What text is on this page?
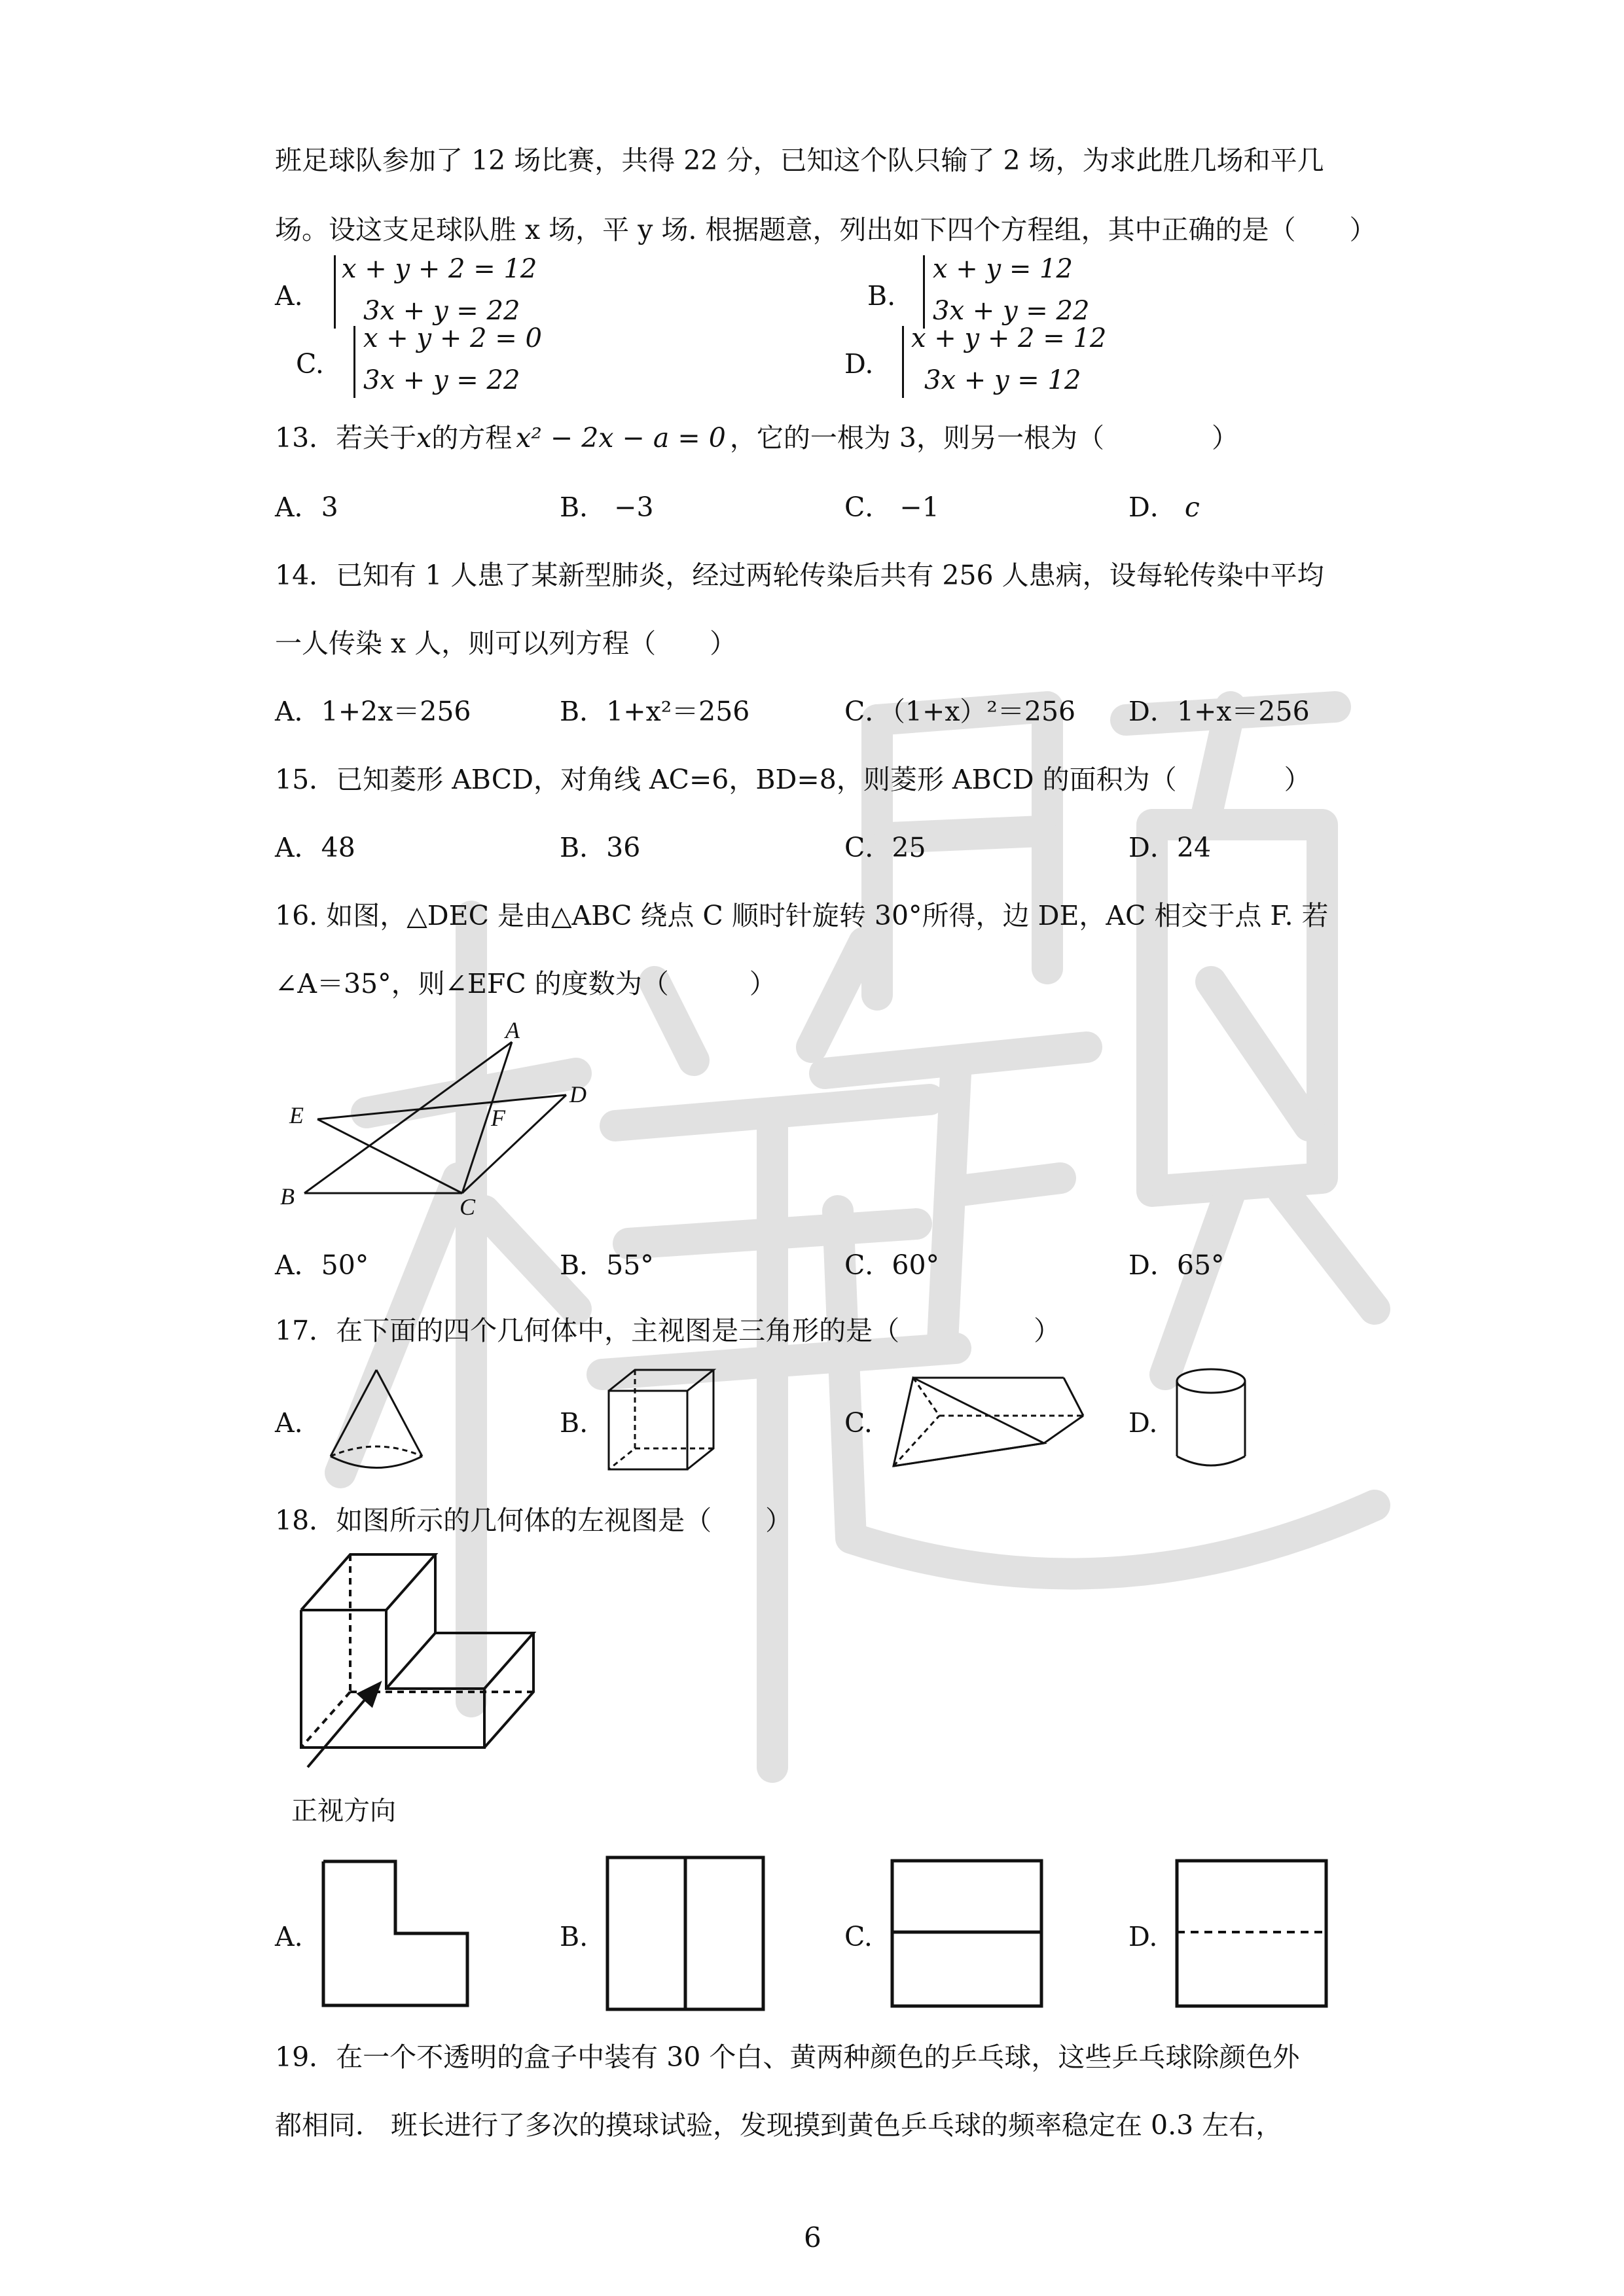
班足球队参加了 12 场比赛，共得 22 分，已知这个队只输了 2 场，为求此胜几场和平几
场。设这支足球队胜 x 场，平 y 场. 根据题意，列出如下四个方程组，其中正确的是（　　）
A.
x + y + 2 = 12
3x + y = 22	B.
x + y = 12
3x + y = 22
C.
x + y + 2 = 0
3x + y = 22
D.
x + y + 2 = 12
3x + y = 12
13．若关于x的方程 x² − 2x − a = 0 ，它的一根为 3，则另一根为（　　　　）
A．3	B． −3	C． −1	D． c
14．已知有 1 人患了某新型肺炎，经过两轮传染后共有 256 人患病，设每轮传染中平均
一人传染 x 人，则可以列方程（　　）
A．1+2x＝256	B．1+x²＝256	C．（1+x）²＝256 D．1+x＝256
15．已知菱形 ABCD，对角线 AC=6，BD=8，则菱形 ABCD 的面积为（　　　　）
A．48	B．36	C．25	D．24
16. 如图，△DEC 是由△ABC 绕点 C 顺时针旋转 30°所得，边 DE，AC 相交于点 F. 若
∠A＝35°，则∠EFC 的度数为（　　　）
A
B	C
D
E	F
A．50°	B．55°	C．60°	D．65°
17．在下面的四个几何体中，主视图是三角形的是（　　　　　）
A.	B.	C.	D.
18．如图所示的几何体的左视图是（　　）
正视方向
A.	B.	C.	D.
19．在一个不透明的盒子中装有 30 个白、黄两种颜色的乒乓球，这些乒乓球除颜色外
都相同． 班长进行了多次的摸球试验，发现摸到黄色乒乓球的频率稳定在 0.3 左右，
6
